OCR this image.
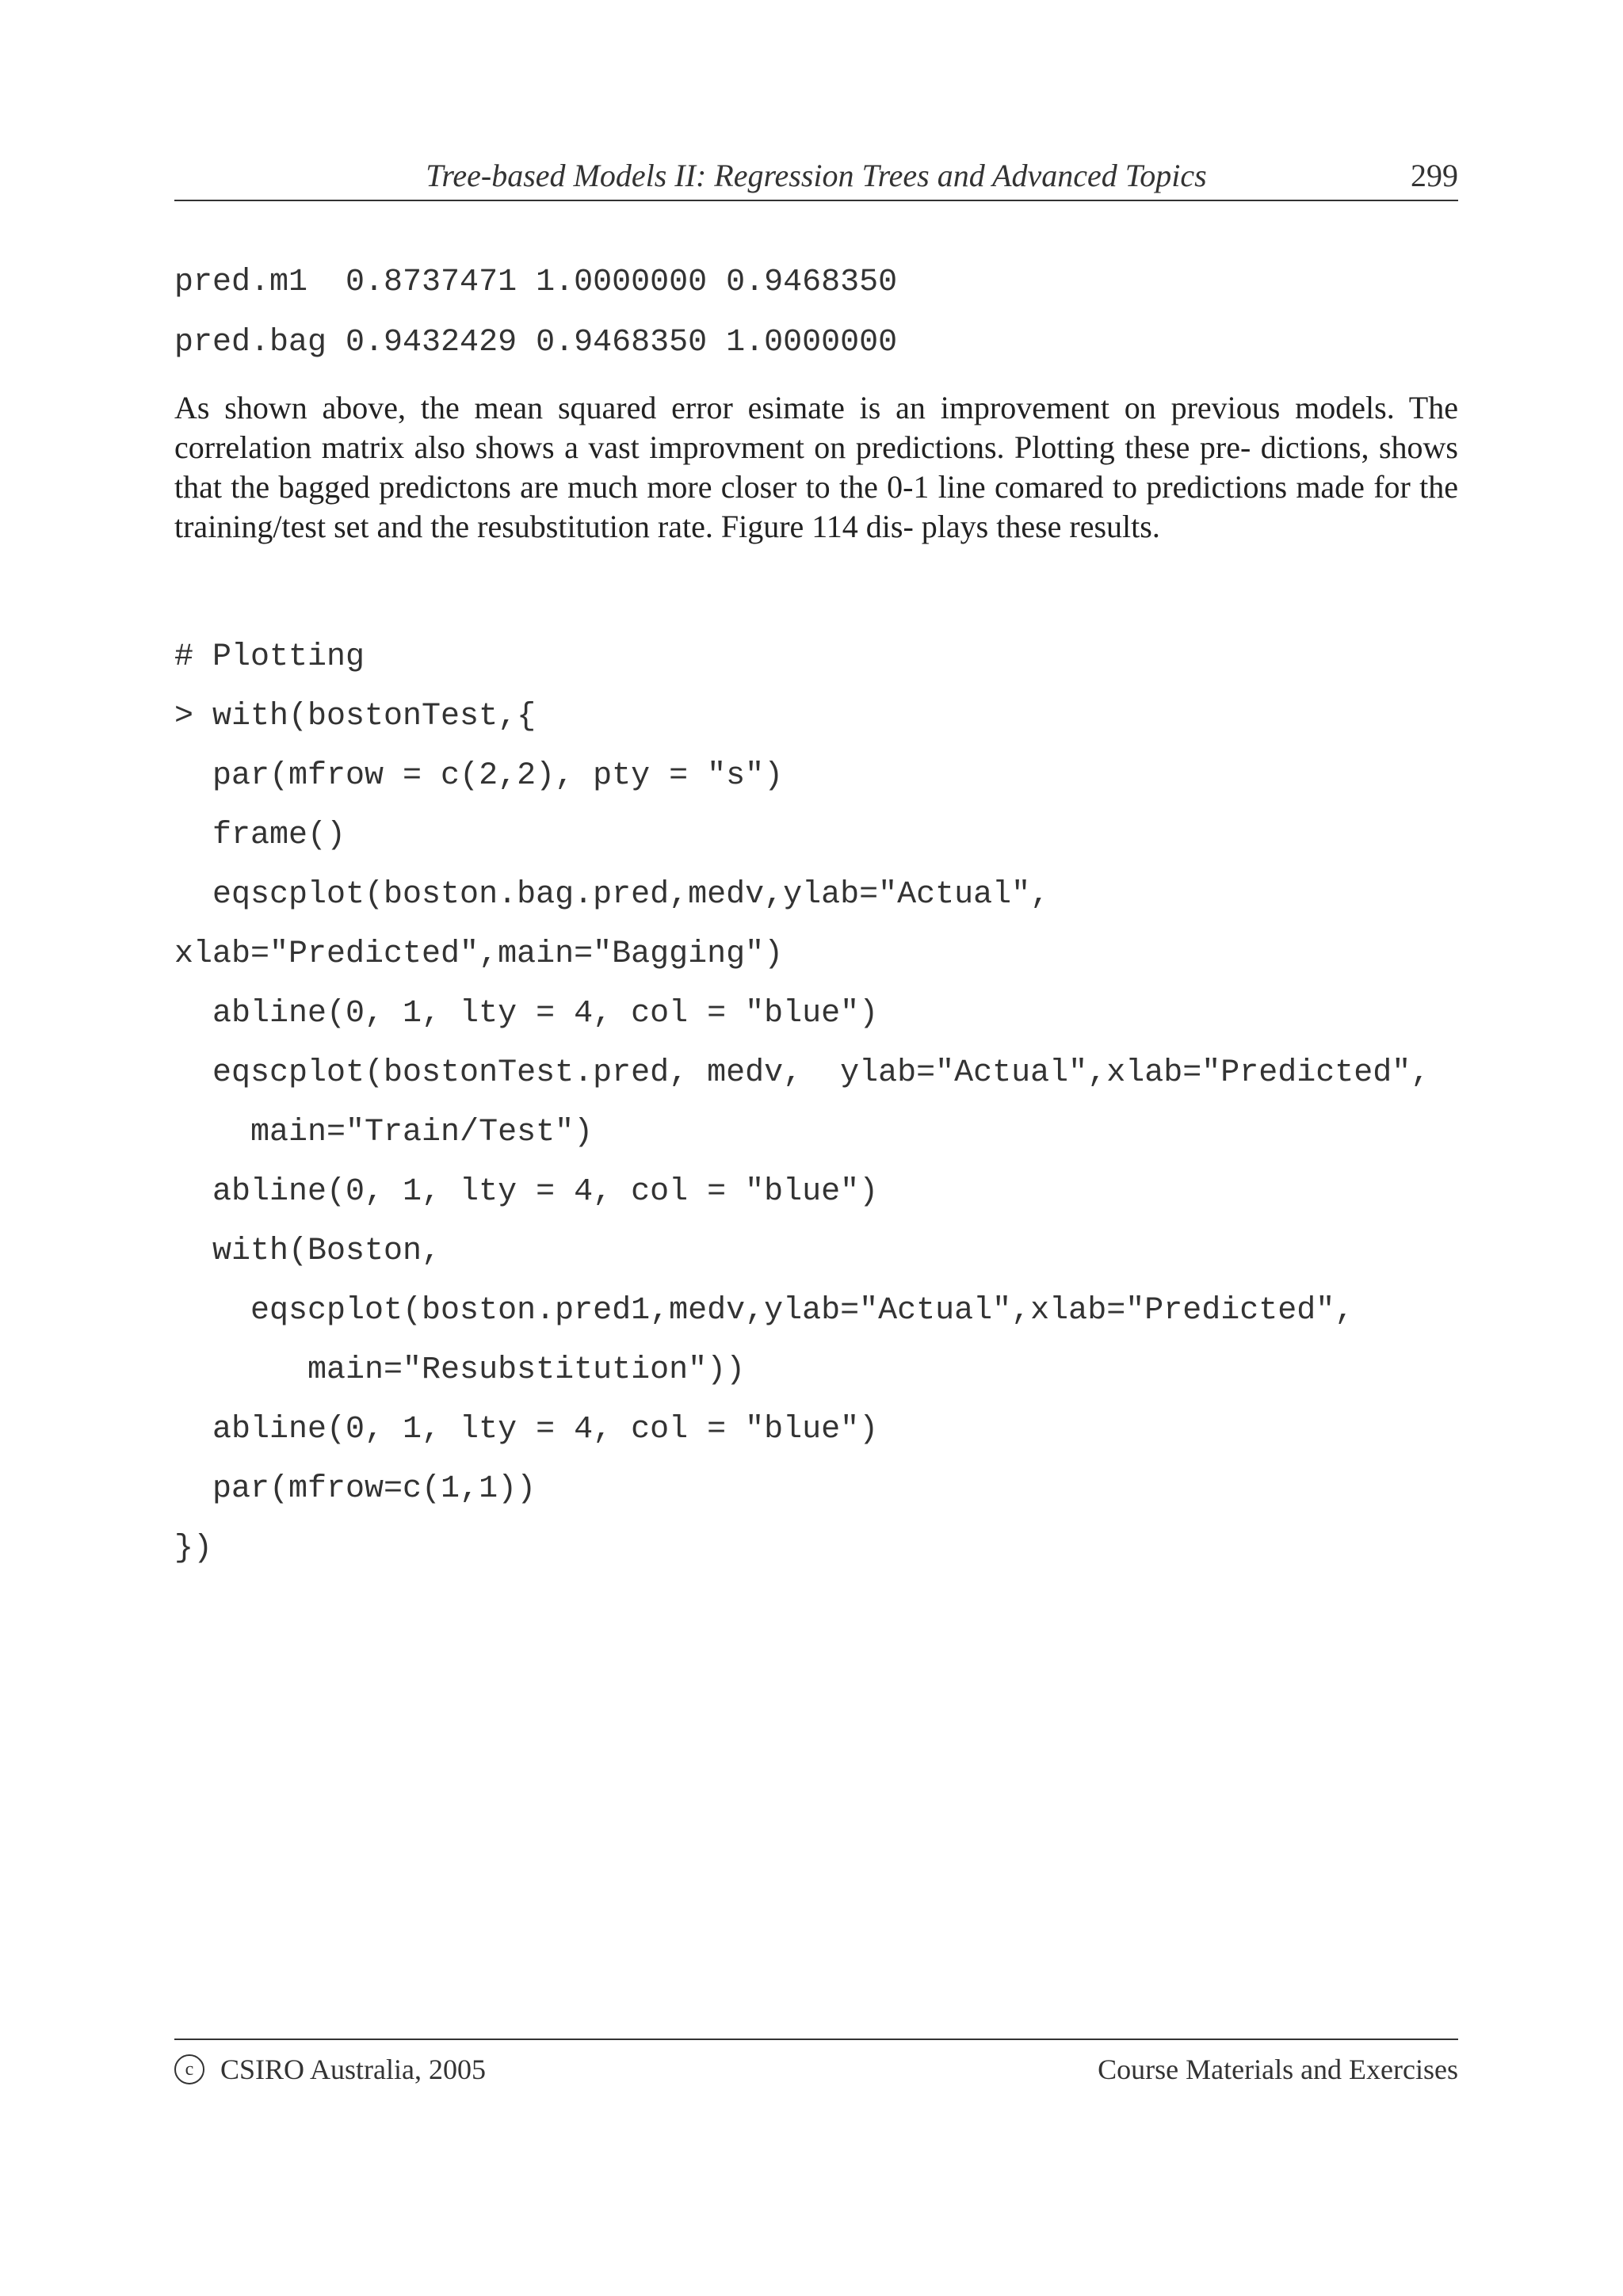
Tree-based Models II: Regression Trees and Advanced Topics	299
pred.m1  0.8737471 1.0000000 0.9468350
pred.bag 0.9432429 0.9468350 1.0000000
As shown above, the mean squared error esimate is an improvement on previous models. The correlation matrix also shows a vast improvment on predictions. Plotting these pre- dictions, shows that the bagged predictons are much more closer to the 0-1 line comared to predictions made for the training/test set and the resubstitution rate. Figure 114 dis- plays these results.
# Plotting
> with(bostonTest,{
par(mfrow = c(2,2), pty = "s")
frame()
eqscplot(boston.bag.pred,medv,ylab="Actual",
xlab="Predicted",main="Bagging")
abline(0, 1, lty = 4, col = "blue")
eqscplot(bostonTest.pred, medv,  ylab="Actual",xlab="Predicted",
main="Train/Test")
abline(0, 1, lty = 4, col = "blue")
with(Boston,
eqscplot(boston.pred1,medv,ylab="Actual",xlab="Predicted",
main="Resubstitution"))
abline(0, 1, lty = 4, col = "blue")
par(mfrow=c(1,1))
})
c CSIRO Australia, 2005	Course Materials and Exercises
